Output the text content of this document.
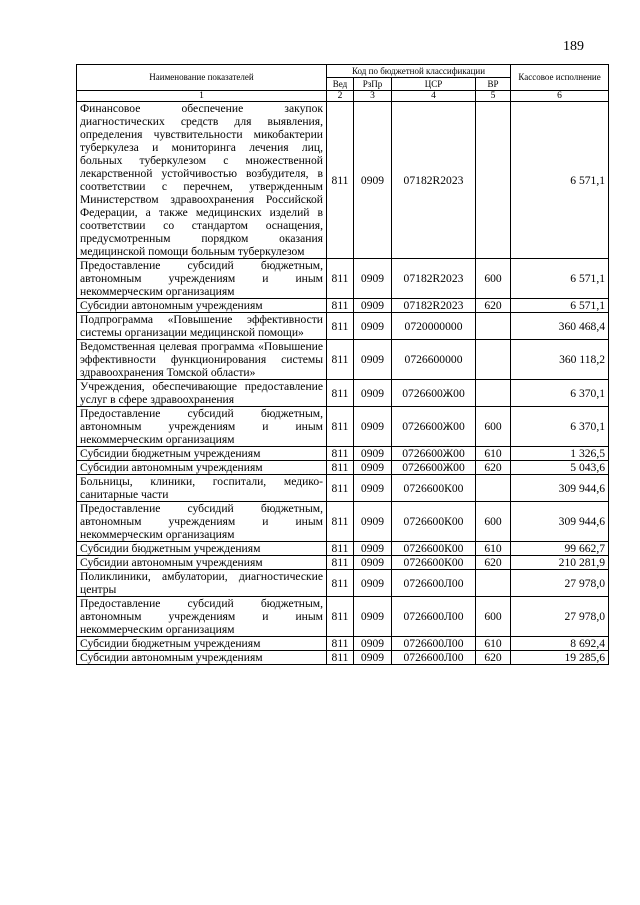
189
Наименование показателей	Код по бюджетной классификации				Кассовое исполнение
	Вед	РзПр	ЦСР	ВР	
1	2	3	4	5	6
Финансовое обеспечение закупок диагностических средств для выявления, определения чувствительности микобактерии туберкулеза и мониторинга лечения лиц, больных туберкулезом с множественной лекарственной устойчивостью возбудителя, в соответствии с перечнем, утвержденным Министерством здравоохранения Российской Федерации, а также медицинских изделий в соответствии со стандартом оснащения, предусмотренным порядком оказания медицинской помощи больным туберкулезом	811	0909	07182R2023		6 571,1
Предоставление субсидий бюджетным, автономным учреждениям и иным некоммерческим организациям	811	0909	07182R2023	600	6 571,1
Субсидии автономным учреждениям	811	0909	07182R2023	620	6 571,1
Подпрограмма «Повышение эффективности системы организации медицинской помощи»	811	0909	0720000000		360 468,4
Ведомственная целевая программа «Повышение эффективности функционирования системы здравоохранения Томской области»	811	0909	0726600000		360 118,2
Учреждения, обеспечивающие предоставление услуг в сфере здравоохранения	811	0909	0726600Ж00		6 370,1
Предоставление субсидий бюджетным, автономным учреждениям и иным некоммерческим организациям	811	0909	0726600Ж00	600	6 370,1
Субсидии бюджетным учреждениям	811	0909	0726600Ж00	610	1 326,5
Субсидии автономным учреждениям	811	0909	0726600Ж00	620	5 043,6
Больницы, клиники, госпитали, медико-санитарные части	811	0909	0726600К00		309 944,6
Предоставление субсидий бюджетным, автономным учреждениям и иным некоммерческим организациям	811	0909	0726600К00	600	309 944,6
Субсидии бюджетным учреждениям	811	0909	0726600К00	610	99 662,7
Субсидии автономным учреждениям	811	0909	0726600К00	620	210 281,9
Поликлиники, амбулатории, диагностические центры	811	0909	0726600Л00		27 978,0
Предоставление субсидий бюджетным, автономным учреждениям и иным некоммерческим организациям	811	0909	0726600Л00	600	27 978,0
Субсидии бюджетным учреждениям	811	0909	0726600Л00	610	8 692,4
Субсидии автономным учреждениям	811	0909	0726600Л00	620	19 285,6
